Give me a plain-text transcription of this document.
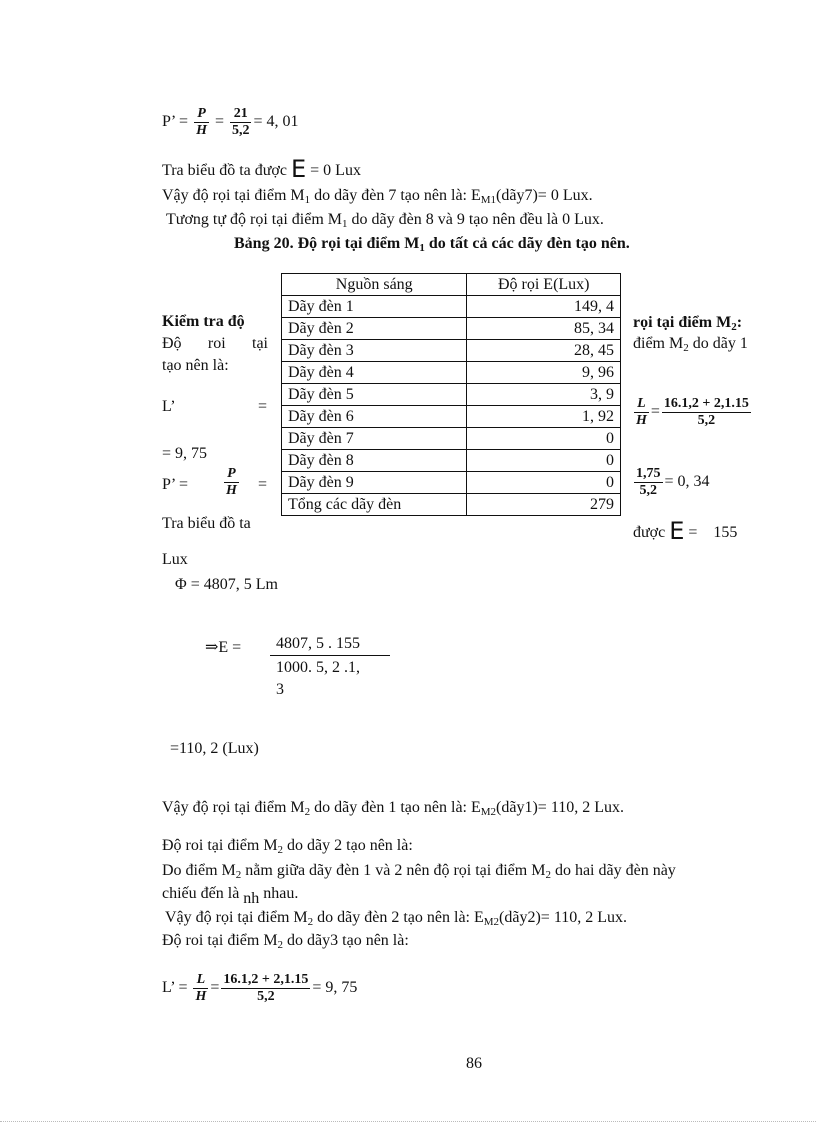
P’ = $\frac{P}{H} = \frac{21}{5,2} = 4$, 01
Tra biểu đồ ta được E = 0 Lux
Vậy độ rọi tại điểm $M_1$ do dãy đèn 7 tạo nên là: $E_{M1}(dãy7)= 0$ Lux.
Tương tự độ rọi tại điểm $M_1$ do dãy đèn 8 và 9 tạo nên đều là 0 Lux.
Bảng 20. Độ rọi tại điểm $M_1$ do tất cả các dãy đèn tạo nên.
Kiểm tra độ
Độ roi tại
tạo nên là:
L’	=
= 9, 75
P’ =	$\frac{P}{H}$ =
Tra biểu đồ ta
Lux
Nguồn sáng	Độ rọi E(Lux)
Dãy đèn 1	149, 4
Dãy đèn 2	85, 34
Dãy đèn 3	28, 45
Dãy đèn 4	9, 96
Dãy đèn 5	3, 9
Dãy đèn 6	1, 92
Dãy đèn 7	0
Dãy đèn 8	0
Dãy đèn 9	0
Tổng các dãy đèn	279
rọi tại điểm $M_2$:
điểm $M_2$ do dãy 1
$\frac{L}{H} = \frac{16.1,2 + 2,1.15}{5,2}$
$\frac{1,75}{5,2} = 0$, 34
được E =    155
Φ = 4807, 5 Lm
⇒E = 4807, 5 . 155
1000. 5, 2 .1,
3
=110, 2 (Lux)
Vậy độ rọi tại điểm $M_2$ do dãy đèn 1 tạo nên là: $E_{M2}(dãy1)= 110$, 2 Lux.
Độ roi tại điểm $M_2$ do dãy 2 tạo nên là:
Do điểm $M_2$ nằm giữa dãy đèn 1 và 2 nên độ rọi tại điểm $M_2$ do hai dãy đèn này
chiếu đến là nh nhau.
Vậy độ rọi tại điểm $M_2$ do dãy đèn 2 tạo nên là: $E_{M2}(dãy2)= 110$, 2 Lux.
Độ roi tại điểm $M_2$ do dãy3 tạo nên là:
L’ = $\frac{L}{H} = \frac{16.1,2 + 2,1.15}{5,2} = 9$, 75
86
